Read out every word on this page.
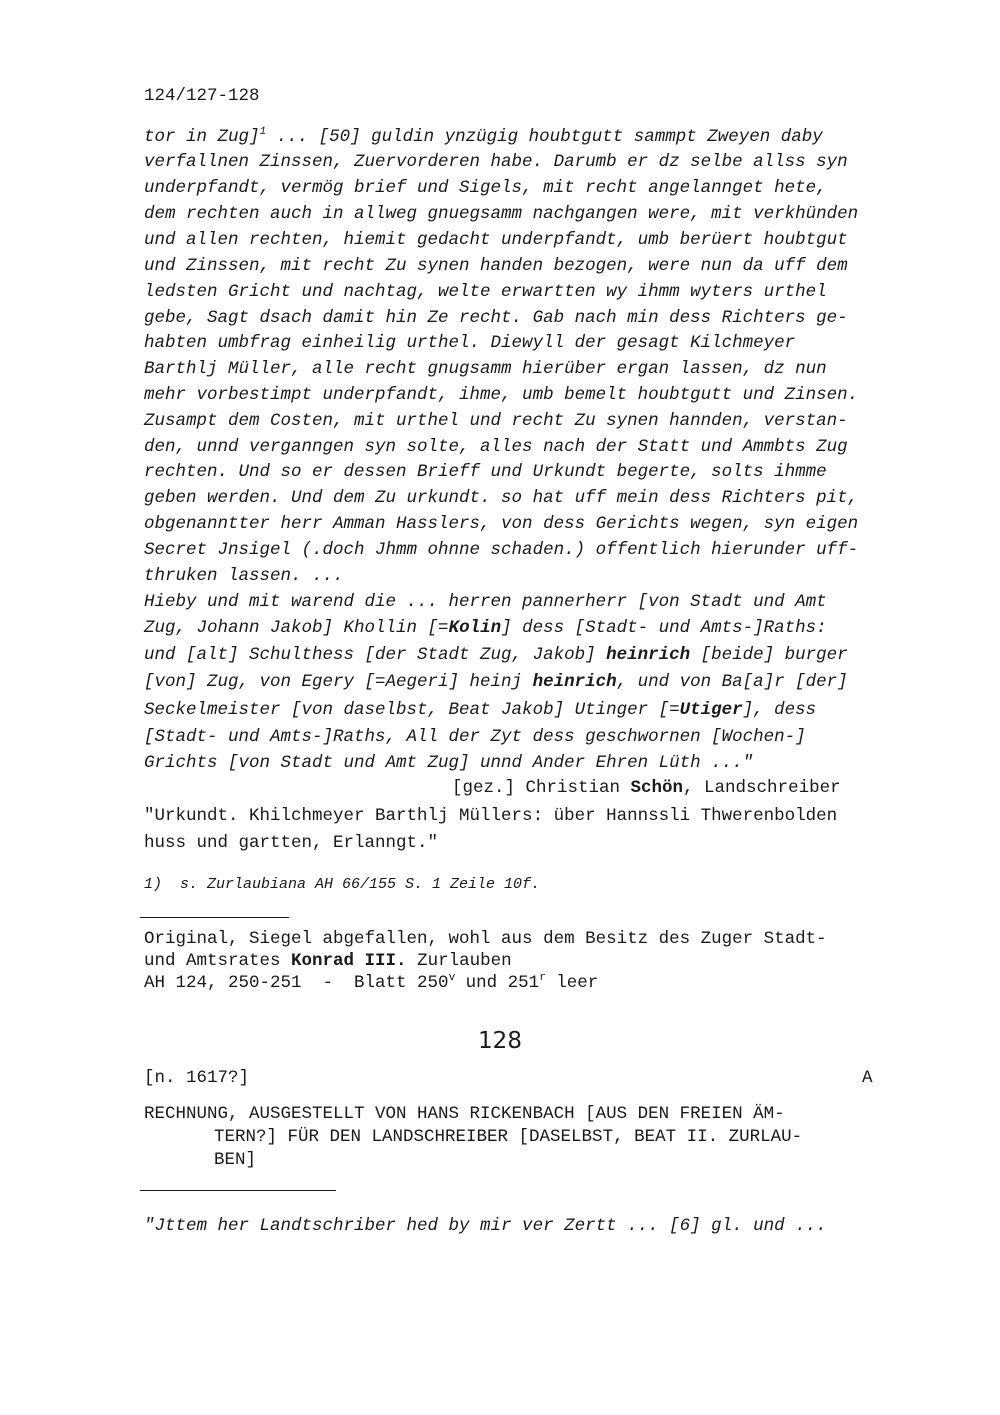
124/127-128
tor in Zug]$^1$ ... [50] guldin ynzügig houbtgutt sammpt Zweyen daby
verfallnen Zinssen, Zuervorderen habe. Darumb er dz selbe allss syn
underpfandt, vermög brief und Sigels, mit recht angelannget hete,
dem rechten auch in allweg gnuegsamm nachgangen were, mit verkhünden
und allen rechten, hiemit gedacht underpfandt, umb berüert houbtgut
und Zinssen, mit recht Zu synen handen bezogen, were nun da uff dem
ledsten Gricht und nachtag, welte erwartten wy ihmm wyters urthel
gebe, Sagt dsach damit hin Ze recht. Gab nach min dess Richters ge-
habten umbfrag einheilig urthel. Diewyll der gesagt Kilchmeyer
Barthlj Müller, alle recht gnugsamm hierüber ergan lassen, dz nun
mehr vorbestimpt underpfandt, ihme, umb bemelt houbtgutt und Zinsen.
Zusampt dem Costen, mit urthel und recht Zu synen hannden, verstan-
den, unnd verganngen syn solte, alles nach der Statt und Ammbts Zug
rechten. Und so er dessen Brieff und Urkundt begerte, solts ihmme
geben werden. Und dem Zu urkundt. so hat uff mein dess Richters pit,
obgenanntter herr Amman Hasslers, von dess Gerichts wegen, syn eigen
Secret Jnsigel (.doch Jhmm ohnne schaden.) offentlich hierunder uff-
thruken lassen. ...
Hieby und mit warend die ... herren pannerherr [von Stadt und Amt
Zug, Johann Jakob] Khollin [=Kolin] dess [Stadt- und Amts-]Raths:
und [alt] Schulthess [der Stadt Zug, Jakob] heinrich [beide] burger
[von] Zug, von Egery [=Aegeri] heinj heinrich, und von Ba[a]r [der]
Seckelmeister [von daselbst, Beat Jakob] Utinger [=Utiger], dess
[Stadt- und Amts-]Raths, All der Zyt dess geschwornen [Wochen-]
Grichts [von Stadt und Amt Zug] unnd Ander Ehren Lüth ..."
[gez.] Christian Schön, Landschreiber
"Urkundt. Khilchmeyer Barthlj Müllers: über Hannssli Thwerenbolden
huss und gartten, Erlanngt."
1)  s. Zurlaubiana AH 66/155 S. 1 Zeile 10f.
Original, Siegel abgefallen, wohl aus dem Besitz des Zuger Stadt-
und Amtsrates Konrad III. Zurlauben
AH 124, 250-251  -  Blatt 250$^v$ und 251$^r$ leer
128
[n. 1617?]	A
RECHNUNG, AUSGESTELLT VON HANS RICKENBACH [AUS DEN FREIEN ÄM-
TERN?] FÜR DEN LANDSCHREIBER [DASELBST, BEAT II. ZURLAU-
BEN]
"Jttem her Landtschriber hed by mir ver Zertt ... [6] gl. und ...
